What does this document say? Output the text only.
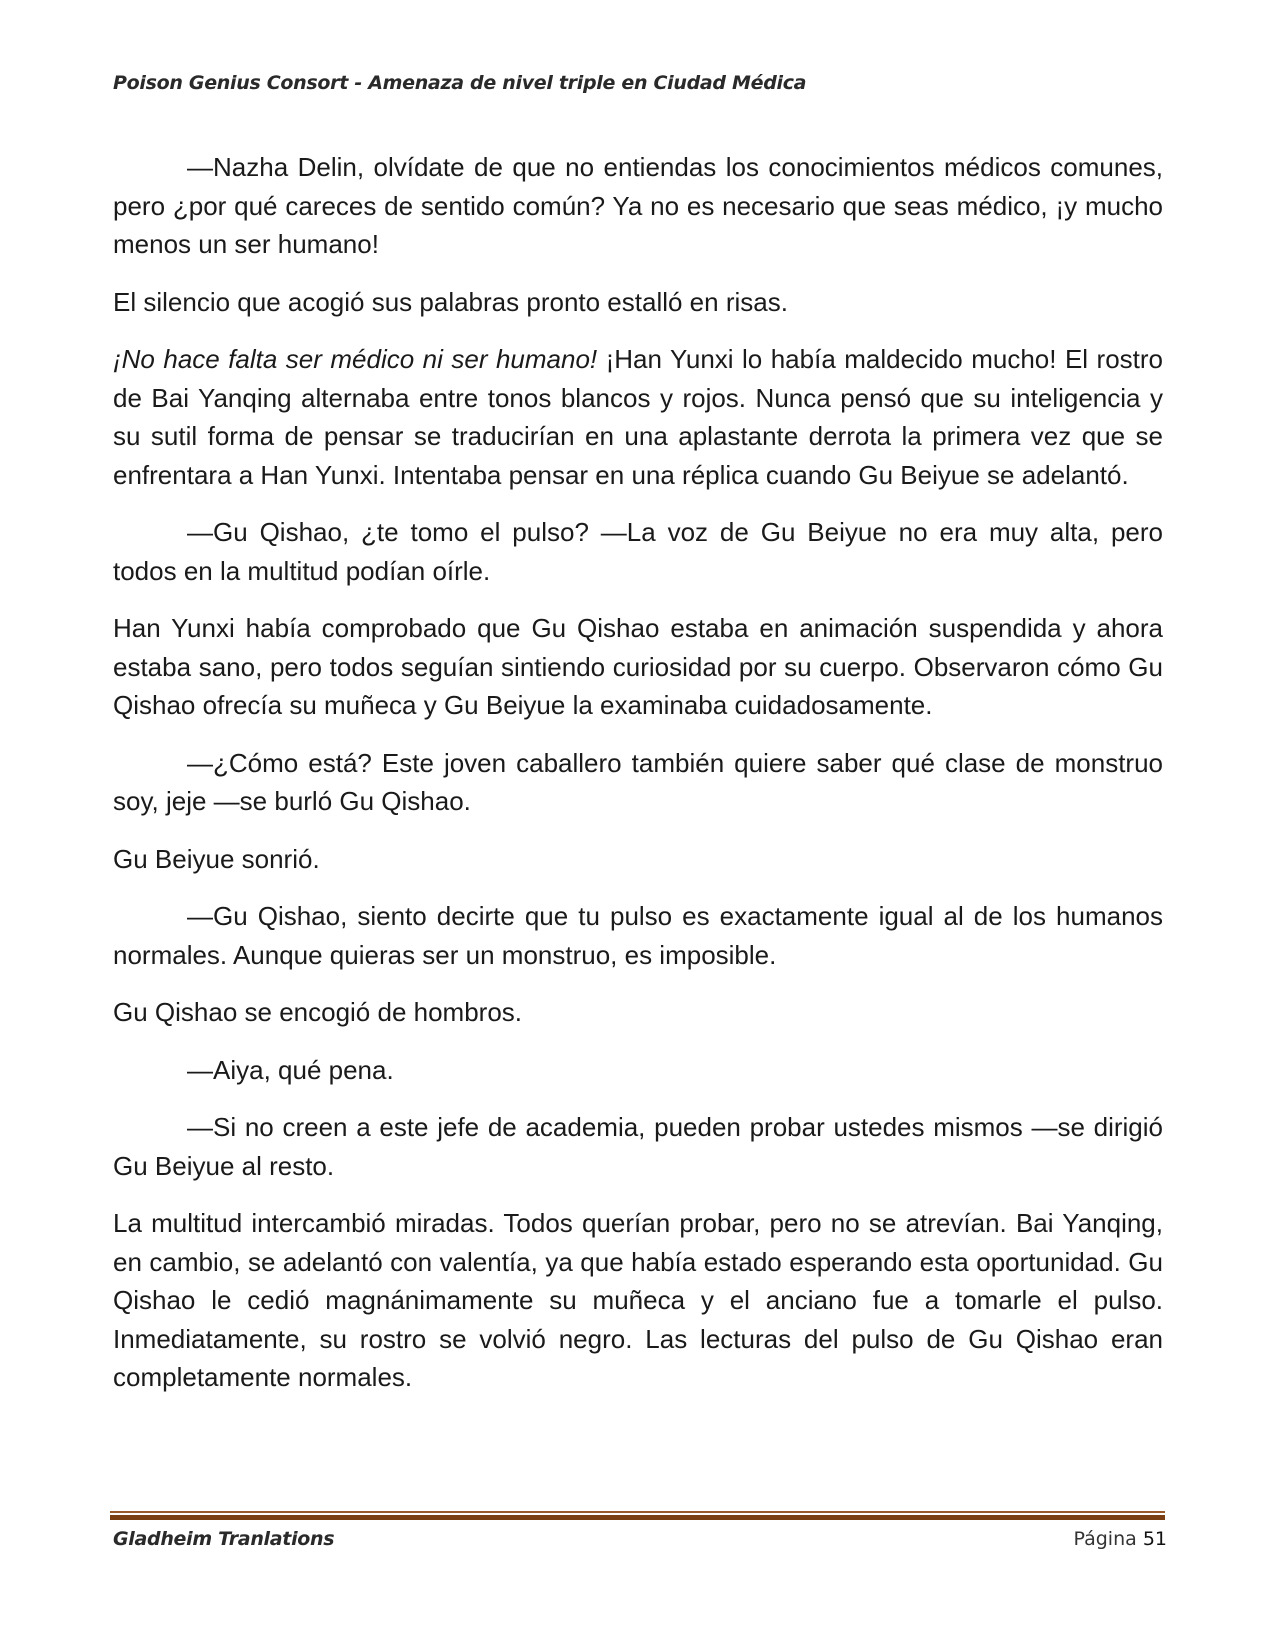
Poison Genius Consort - Amenaza de nivel triple en Ciudad Médica

—Nazha Delin, olvídate de que no entiendas los conocimientos médicos comunes, pero ¿por qué careces de sentido común? Ya no es necesario que seas médico, ¡y mucho menos un ser humano!

El silencio que acogió sus palabras pronto estalló en risas.

¡No hace falta ser médico ni ser humano! ¡Han Yunxi lo había maldecido mucho! El rostro de Bai Yanqing alternaba entre tonos blancos y rojos. Nunca pensó que su inteligencia y su sutil forma de pensar se traducirían en una aplastante derrota la primera vez que se enfrentara a Han Yunxi. Intentaba pensar en una réplica cuando Gu Beiyue se adelantó.

—Gu Qishao, ¿te tomo el pulso? —La voz de Gu Beiyue no era muy alta, pero todos en la multitud podían oírle.

Han Yunxi había comprobado que Gu Qishao estaba en animación suspendida y ahora estaba sano, pero todos seguían sintiendo curiosidad por su cuerpo. Observaron cómo Gu Qishao ofrecía su muñeca y Gu Beiyue la examinaba cuidadosamente.

—¿Cómo está? Este joven caballero también quiere saber qué clase de monstruo soy, jeje —se burló Gu Qishao.

Gu Beiyue sonrió.

—Gu Qishao, siento decirte que tu pulso es exactamente igual al de los humanos normales. Aunque quieras ser un monstruo, es imposible.

Gu Qishao se encogió de hombros.

—Aiya, qué pena.

—Si no creen a este jefe de academia, pueden probar ustedes mismos —se dirigió Gu Beiyue al resto.

La multitud intercambió miradas. Todos querían probar, pero no se atrevían. Bai Yanqing, en cambio, se adelantó con valentía, ya que había estado esperando esta oportunidad. Gu Qishao le cedió magnánimamente su muñeca y el anciano fue a tomarle el pulso. Inmediatamente, su rostro se volvió negro. Las lecturas del pulso de Gu Qishao eran completamente normales.

Gladheim Tranlations	Página 51
